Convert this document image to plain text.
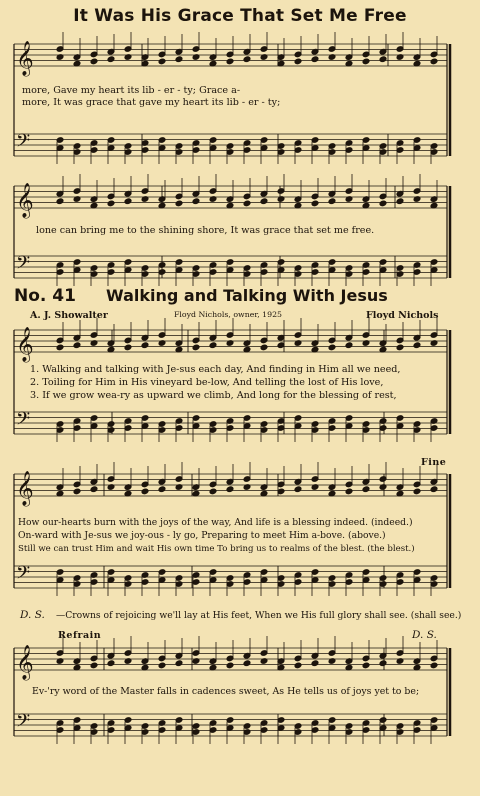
It Was His Grace That Set Me Free
𝄞
𝄢
𝄞
𝄢
𝄞
𝄢
𝄞
𝄢
𝄞
𝄢
more, Gave my heart its lib - er - ty; Grace a-
more, It was grace that gave my heart its lib - er - ty;
lone can bring me to the shining shore, It was grace that set me free.
No. 41 Walking and Talking With Jesus
A. J. Showalter	Floyd Nichols, owner, 1925	Floyd Nichols
1. Walking and talking with Je-sus each day, And finding in Him all we need,
2. Toiling for Him in His vineyard be-low, And telling the lost of His love,
3. If we grow wea-ry as upward we climb, And long for the blessing of rest,
Fine
How our-hearts burn with the joys of the way, And life is a blessing indeed. (indeed.)
On-ward with Je-sus we joy-ous - ly go, Preparing to meet Him a-bove. (above.)
Still we can trust Him and wait His own time To bring us to realms of the blest. (the blest.)
D. S. —Crowns of rejoicing we'll lay at His feet, When we His full glory shall see. (shall see.)
Refrain	D. S.
Ev-'ry word of the Master falls in cadences sweet, As He tells us of joys yet to be;
